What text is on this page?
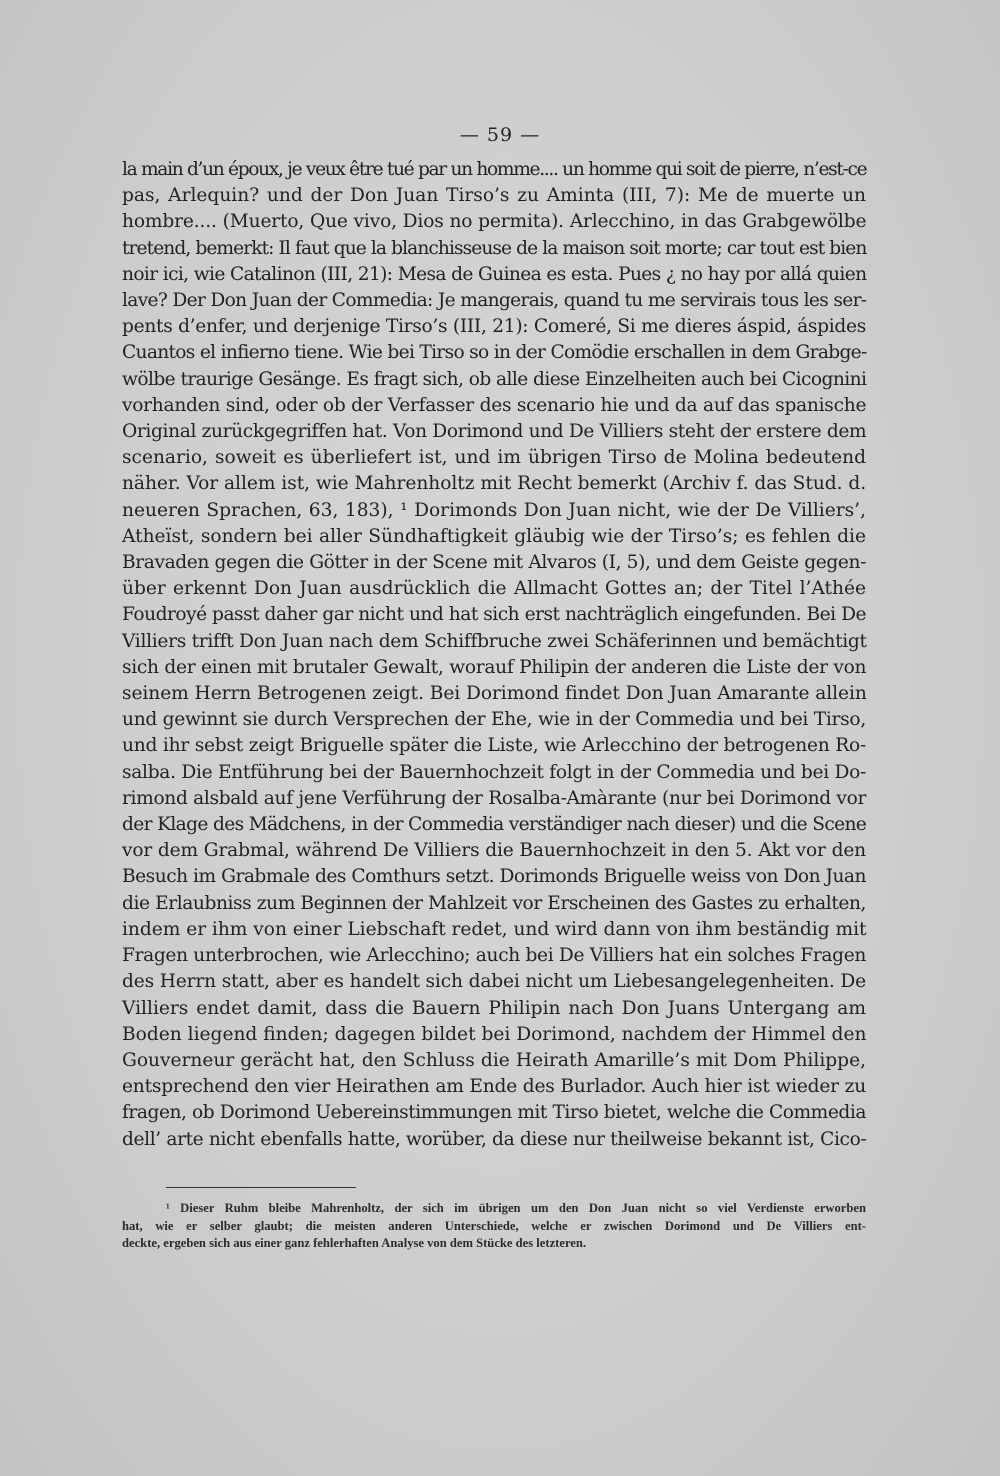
— 59 —
la main d’un époux, je veux être tué par un homme.... un homme qui soit de pierre, n’est-ce
pas, Arlequin? und der Don Juan Tirso’s zu Aminta (III, 7): Me de muerte un
hombre.... (Muerto, Que vivo, Dios no permita). Arlecchino, in das Grabgewölbe
tretend, bemerkt: Il faut que la blanchisseuse de la maison soit morte; car tout est bien
noir ici, wie Catalinon (III, 21): Mesa de Guinea es esta. Pues ¿ no hay por allá quien
lave? Der Don Juan der Commedia: Je mangerais, quand tu me servirais tous les ser-
pents d’enfer, und derjenige Tirso’s (III, 21): Comeré, Si me dieres áspid, áspides
Cuantos el infierno tiene. Wie bei Tirso so in der Comödie erschallen in dem Grabge-
wölbe traurige Gesänge. Es fragt sich, ob alle diese Einzelheiten auch bei Cicognini
vorhanden sind, oder ob der Verfasser des scenario hie und da auf das spanische
Original zurückgegriffen hat. Von Dorimond und De Villiers steht der erstere dem
scenario, soweit es überliefert ist, und im übrigen Tirso de Molina bedeutend
näher. Vor allem ist, wie Mahrenholtz mit Recht bemerkt (Archiv f. das Stud. d.
neueren Sprachen, 63, 183), ¹ Dorimonds Don Juan nicht, wie der De Villiers’,
Atheïst, sondern bei aller Sündhaftigkeit gläubig wie der Tirso’s; es fehlen die
Bravaden gegen die Götter in der Scene mit Alvaros (I, 5), und dem Geiste gegen-
über erkennt Don Juan ausdrücklich die Allmacht Gottes an; der Titel l’Athée
Foudroyé passt daher gar nicht und hat sich erst nachträglich eingefunden. Bei De
Villiers trifft Don Juan nach dem Schiffbruche zwei Schäferinnen und bemächtigt
sich der einen mit brutaler Gewalt, worauf Philipin der anderen die Liste der von
seinem Herrn Betrogenen zeigt. Bei Dorimond findet Don Juan Amarante allein
und gewinnt sie durch Versprechen der Ehe, wie in der Commedia und bei Tirso,
und ihr sebst zeigt Briguelle später die Liste, wie Arlecchino der betrogenen Ro-
salba. Die Entführung bei der Bauernhochzeit folgt in der Commedia und bei Do-
rimond alsbald auf jene Verführung der Rosalba-Amàrante (nur bei Dorimond vor
der Klage des Mädchens, in der Commedia verständiger nach dieser) und die Scene
vor dem Grabmal, während De Villiers die Bauernhochzeit in den 5. Akt vor den
Besuch im Grabmale des Comthurs setzt. Dorimonds Briguelle weiss von Don Juan
die Erlaubniss zum Beginnen der Mahlzeit vor Erscheinen des Gastes zu erhalten,
indem er ihm von einer Liebschaft redet, und wird dann von ihm beständig mit
Fragen unterbrochen, wie Arlecchino; auch bei De Villiers hat ein solches Fragen
des Herrn statt, aber es handelt sich dabei nicht um Liebesangelegenheiten. De
Villiers endet damit, dass die Bauern Philipin nach Don Juans Untergang am
Boden liegend finden; dagegen bildet bei Dorimond, nachdem der Himmel den
Gouverneur gerächt hat, den Schluss die Heirath Amarille’s mit Dom Philippe,
entsprechend den vier Heirathen am Ende des Burlador. Auch hier ist wieder zu
fragen, ob Dorimond Uebereinstimmungen mit Tirso bietet, welche die Commedia
dell’ arte nicht ebenfalls hatte, worüber, da diese nur theilweise bekannt ist, Cico-
¹ Dieser Ruhm bleibe Mahrenholtz, der sich im übrigen um den Don Juan nicht so viel Verdienste erworben
hat, wie er selber glaubt; die meisten anderen Unterschiede, welche er zwischen Dorimond und De Villiers ent-
deckte, ergeben sich aus einer ganz fehlerhaften Analyse von dem Stücke des letzteren.
